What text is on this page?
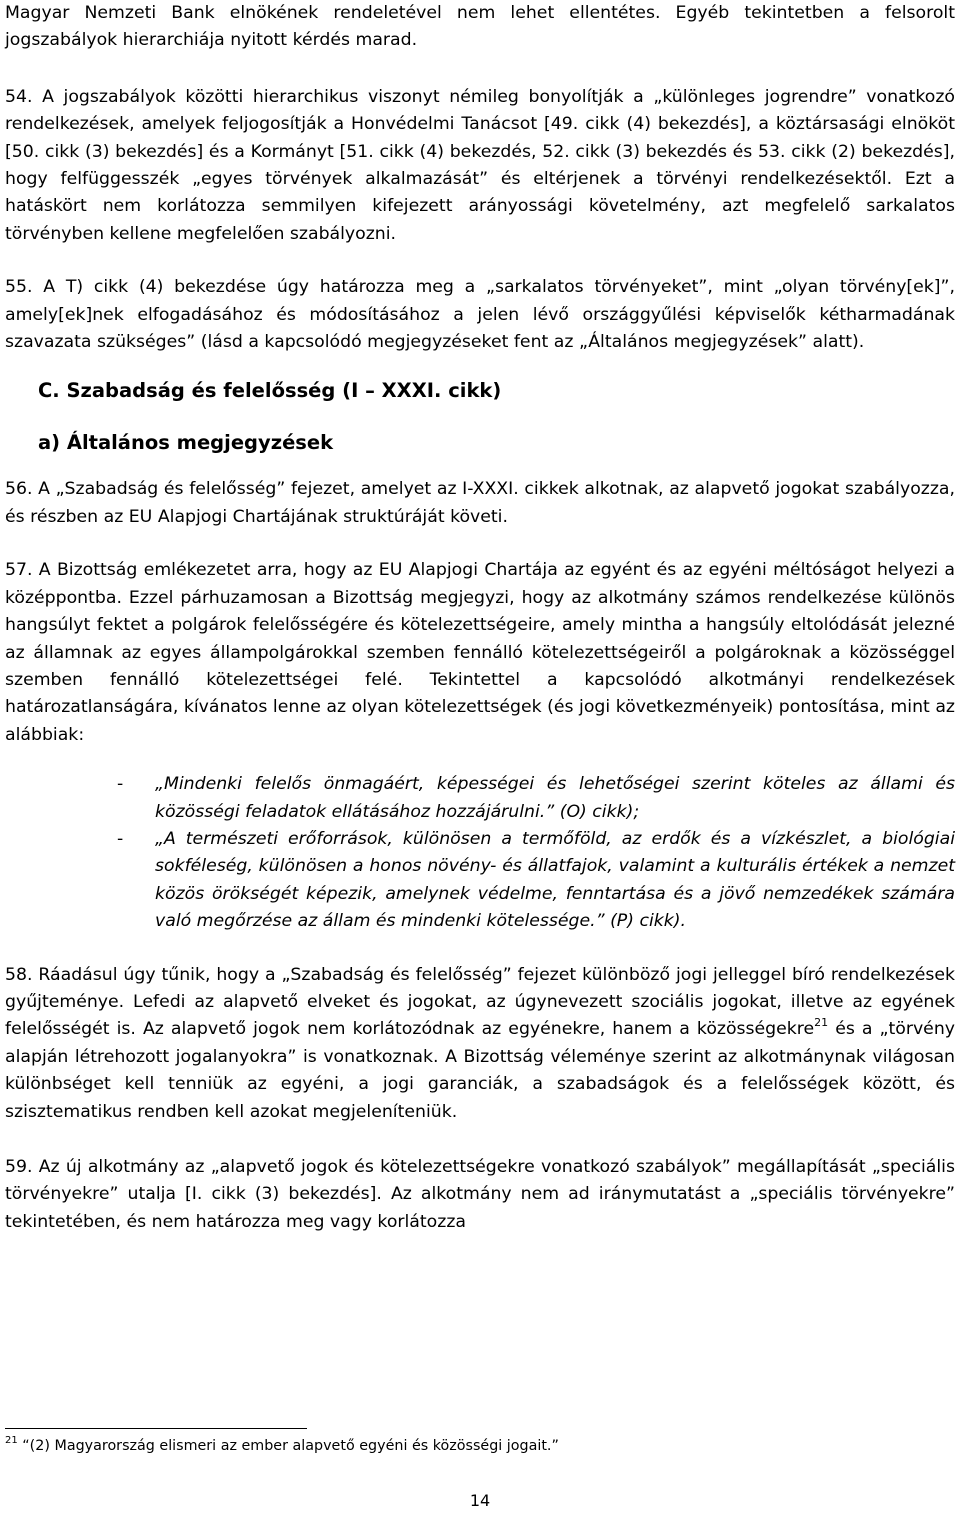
Magyar Nemzeti Bank elnökének rendeletével nem lehet ellentétes. Egyéb tekintetben a felsorolt jogszabályok hierarchiája nyitott kérdés marad.

54. A jogszabályok közötti hierarchikus viszonyt némileg bonyolítják a „különleges jogrendre” vonatkozó rendelkezések, amelyek feljogosítják a Honvédelmi Tanácsot [49. cikk (4) bekezdés], a köztársasági elnököt [50. cikk (3) bekezdés] és a Kormányt [51. cikk (4) bekezdés, 52. cikk (3) bekezdés és 53. cikk (2) bekezdés], hogy felfüggesszék „egyes törvények alkalmazását” és eltérjenek a törvényi rendelkezésektől. Ezt a hatáskört nem korlátozza semmilyen kifejezett arányossági követelmény, azt megfelelő sarkalatos törvényben kellene megfelelően szabályozni.

55. A T) cikk (4) bekezdése úgy határozza meg a „sarkalatos törvényeket”, mint „olyan törvény[ek]”, amely[ek]nek elfogadásához és módosításához a jelen lévő országgyűlési képviselők kétharmadának szavazata szükséges” (lásd a kapcsolódó megjegyzéseket fent az „Általános megjegyzések” alatt).

C. Szabadság és felelősség (I – XXXI. cikk)
a) Általános megjegyzések

56. A „Szabadság és felelősség” fejezet, amelyet az I-XXXI. cikkek alkotnak, az alapvető jogokat szabályozza, és részben az EU Alapjogi Chartájának struktúráját követi.

57. A Bizottság emlékezetet arra, hogy az EU Alapjogi Chartája az egyént és az egyéni méltóságot helyezi a középpontba. Ezzel párhuzamosan a Bizottság megjegyzi, hogy az alkotmány számos rendelkezése különös hangsúlyt fektet a polgárok felelősségére és kötelezettségeire, amely mintha a hangsúly eltolódását jelezné az államnak az egyes állampolgárokkal szemben fennálló kötelezettségeiről a polgároknak a közösséggel szemben fennálló kötelezettségei felé. Tekintettel a kapcsolódó alkotmányi rendelkezések határozatlanságára, kívánatos lenne az olyan kötelezettségek (és jogi következményeik) pontosítása, mint az alábbiak:

- „Mindenki felelős önmagáért, képességei és lehetőségei szerint köteles az állami és közösségi feladatok ellátásához hozzájárulni.” (O) cikk);
- „A természeti erőforrások, különösen a termőföld, az erdők és a vízkészlet, a biológiai sokféleség, különösen a honos növény- és állatfajok, valamint a kulturális értékek a nemzet közös örökségét képezik, amelynek védelme, fenntartása és a jövő nemzedékek számára való megőrzése az állam és mindenki kötelessége.” (P) cikk).

58. Ráadásul úgy tűnik, hogy a „Szabadság és felelősség” fejezet különböző jogi jelleggel bíró rendelkezések gyűjteménye. Lefedi az alapvető elveket és jogokat, az úgynevezett szociális jogokat, illetve az egyének felelősségét is. Az alapvető jogok nem korlátozódnak az egyénekre, hanem a közösségekre$^{21}$ és a „törvény alapján létrehozott jogalanyokra” is vonatkoznak. A Bizottság véleménye szerint az alkotmánynak világosan különbséget kell tenniük az egyéni, a jogi garanciák, a szabadságok és a felelősségek között, és szisztematikus rendben kell azokat megjeleníteniük.

59. Az új alkotmány az „alapvető jogok és kötelezettségekre vonatkozó szabályok” megállapítását „speciális törvényekre” utalja [I. cikk (3) bekezdés]. Az alkotmány nem ad iránymutatást a „speciális törvényekre” tekintetében, és nem határozza meg vagy korlátozza

$^{21}$ “(2) Magyarország elismeri az ember alapvető egyéni és közösségi jogait.”
14
